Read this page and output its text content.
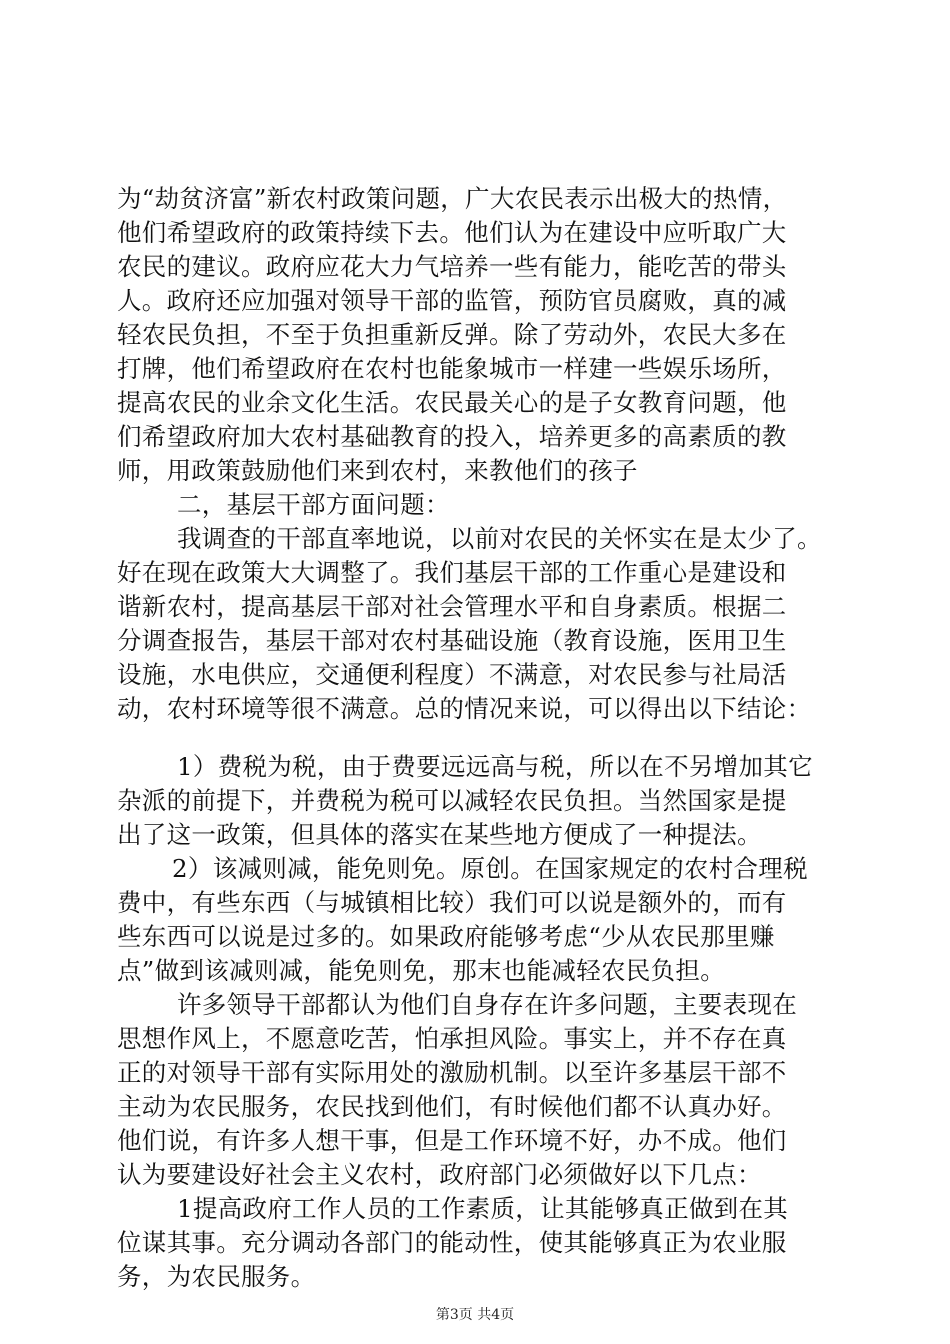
为“劫贫济富”新农村政策问题，广大农民表示出极大的热情，
他们希望政府的政策持续下去。他们认为在建设中应听取广大
农民的建议。政府应花大力气培养一些有能力，能吃苦的带头
人。政府还应加强对领导干部的监管，预防官员腐败，真的减
轻农民负担，不至于负担重新反弹。除了劳动外，农民大多在
打牌，他们希望政府在农村也能象城市一样建一些娱乐场所，
提高农民的业余文化生活。农民最关心的是子女教育问题，他
们希望政府加大农村基础教育的投入，培养更多的高素质的教
师，用政策鼓励他们来到农村，来教他们的孩子
二，基层干部方面问题：
我调查的干部直率地说，以前对农民的关怀实在是太少了。
好在现在政策大大调整了。我们基层干部的工作重心是建设和
谐新农村，提高基层干部对社会管理水平和自身素质。根据二
分调查报告，基层干部对农村基础设施（教育设施，医用卫生
设施，水电供应，交通便利程度）不满意，对农民参与社局活
动，农村环境等很不满意。总的情况来说，可以得出以下结论：
1）费税为税，由于费要远远高与税，所以在不另增加其它
杂派的前提下，并费税为税可以减轻农民负担。当然国家是提
出了这一政策，但具体的落实在某些地方便成了一种提法。
2）该减则减，能免则免。原创。在国家规定的农村合理税
费中，有些东西（与城镇相比较）我们可以说是额外的，而有
些东西可以说是过多的。如果政府能够考虑“少从农民那里赚
点”做到该减则减，能免则免，那末也能减轻农民负担。
许多领导干部都认为他们自身存在许多问题，主要表现在
思想作风上，不愿意吃苦，怕承担风险。事实上，并不存在真
正的对领导干部有实际用处的激励机制。以至许多基层干部不
主动为农民服务，农民找到他们，有时候他们都不认真办好。
他们说，有许多人想干事，但是工作环境不好，办不成。他们
认为要建设好社会主义农村，政府部门必须做好以下几点：
1提高政府工作人员的工作素质，让其能够真正做到在其
位谋其事。充分调动各部门的能动性，使其能够真正为农业服
务，为农民服务。
第3页 共4页
